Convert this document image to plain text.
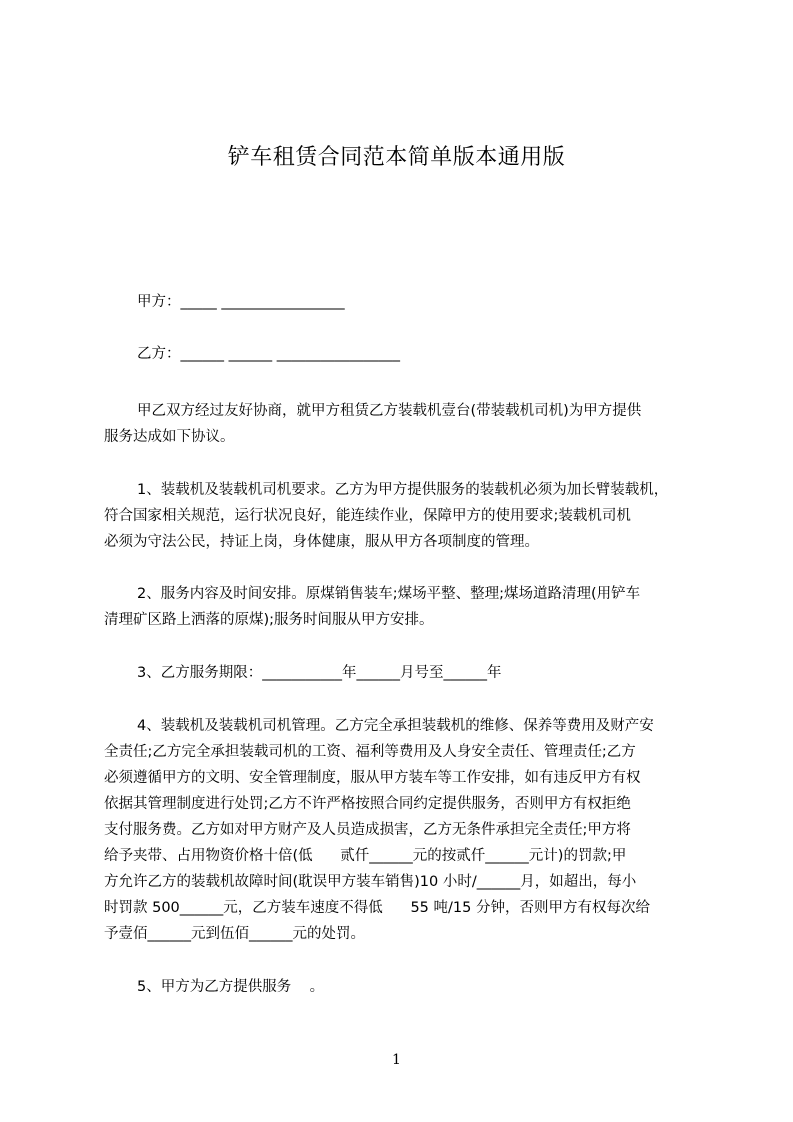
铲车租赁合同范本简单版本通用版
甲方：_____ _________________
乙方：______ ______ _________________
甲乙双方经过友好协商，就甲方租赁乙方装载机壹台(带装载机司机)为甲方提供
服务达成如下协议。
1、装载机及装载机司机要求。乙方为甲方提供服务的装载机必须为加长臂装载机，
符合国家相关规范，运行状况良好，能连续作业，保障甲方的使用要求;装载机司机
必须为守法公民，持证上岗，身体健康，服从甲方各项制度的管理。
2、服务内容及时间安排。原煤销售装车;煤场平整、整理;煤场道路清理(用铲车
清理矿区路上洒落的原煤);服务时间服从甲方安排。
3、乙方服务期限：___________年______月号至______年
4、装载机及装载机司机管理。乙方完全承担装载机的维修、保养等费用及财产安
全责任;乙方完全承担装载司机的工资、福利等费用及人身安全责任、管理责任;乙方
必须遵循甲方的文明、安全管理制度，服从甲方装车等工作安排，如有违反甲方有权
依据其管理制度进行处罚;乙方不许严格按照合同约定提供服务，否则甲方有权拒绝
支付服务费。乙方如对甲方财产及人员造成损害，乙方无条件承担完全责任;甲方将
给予夹带、占用物资价格十倍(低      贰仟______元的按贰仟______元计)的罚款;甲
方允许乙方的装载机故障时间(耽误甲方装车销售)10 小时/______月，如超出，每小
时罚款 500______元，乙方装车速度不得低      55 吨/15 分钟，否则甲方有权每次给
予壹佰______元到伍佰______元的处罚。
5、甲方为乙方提供服务    。
1
